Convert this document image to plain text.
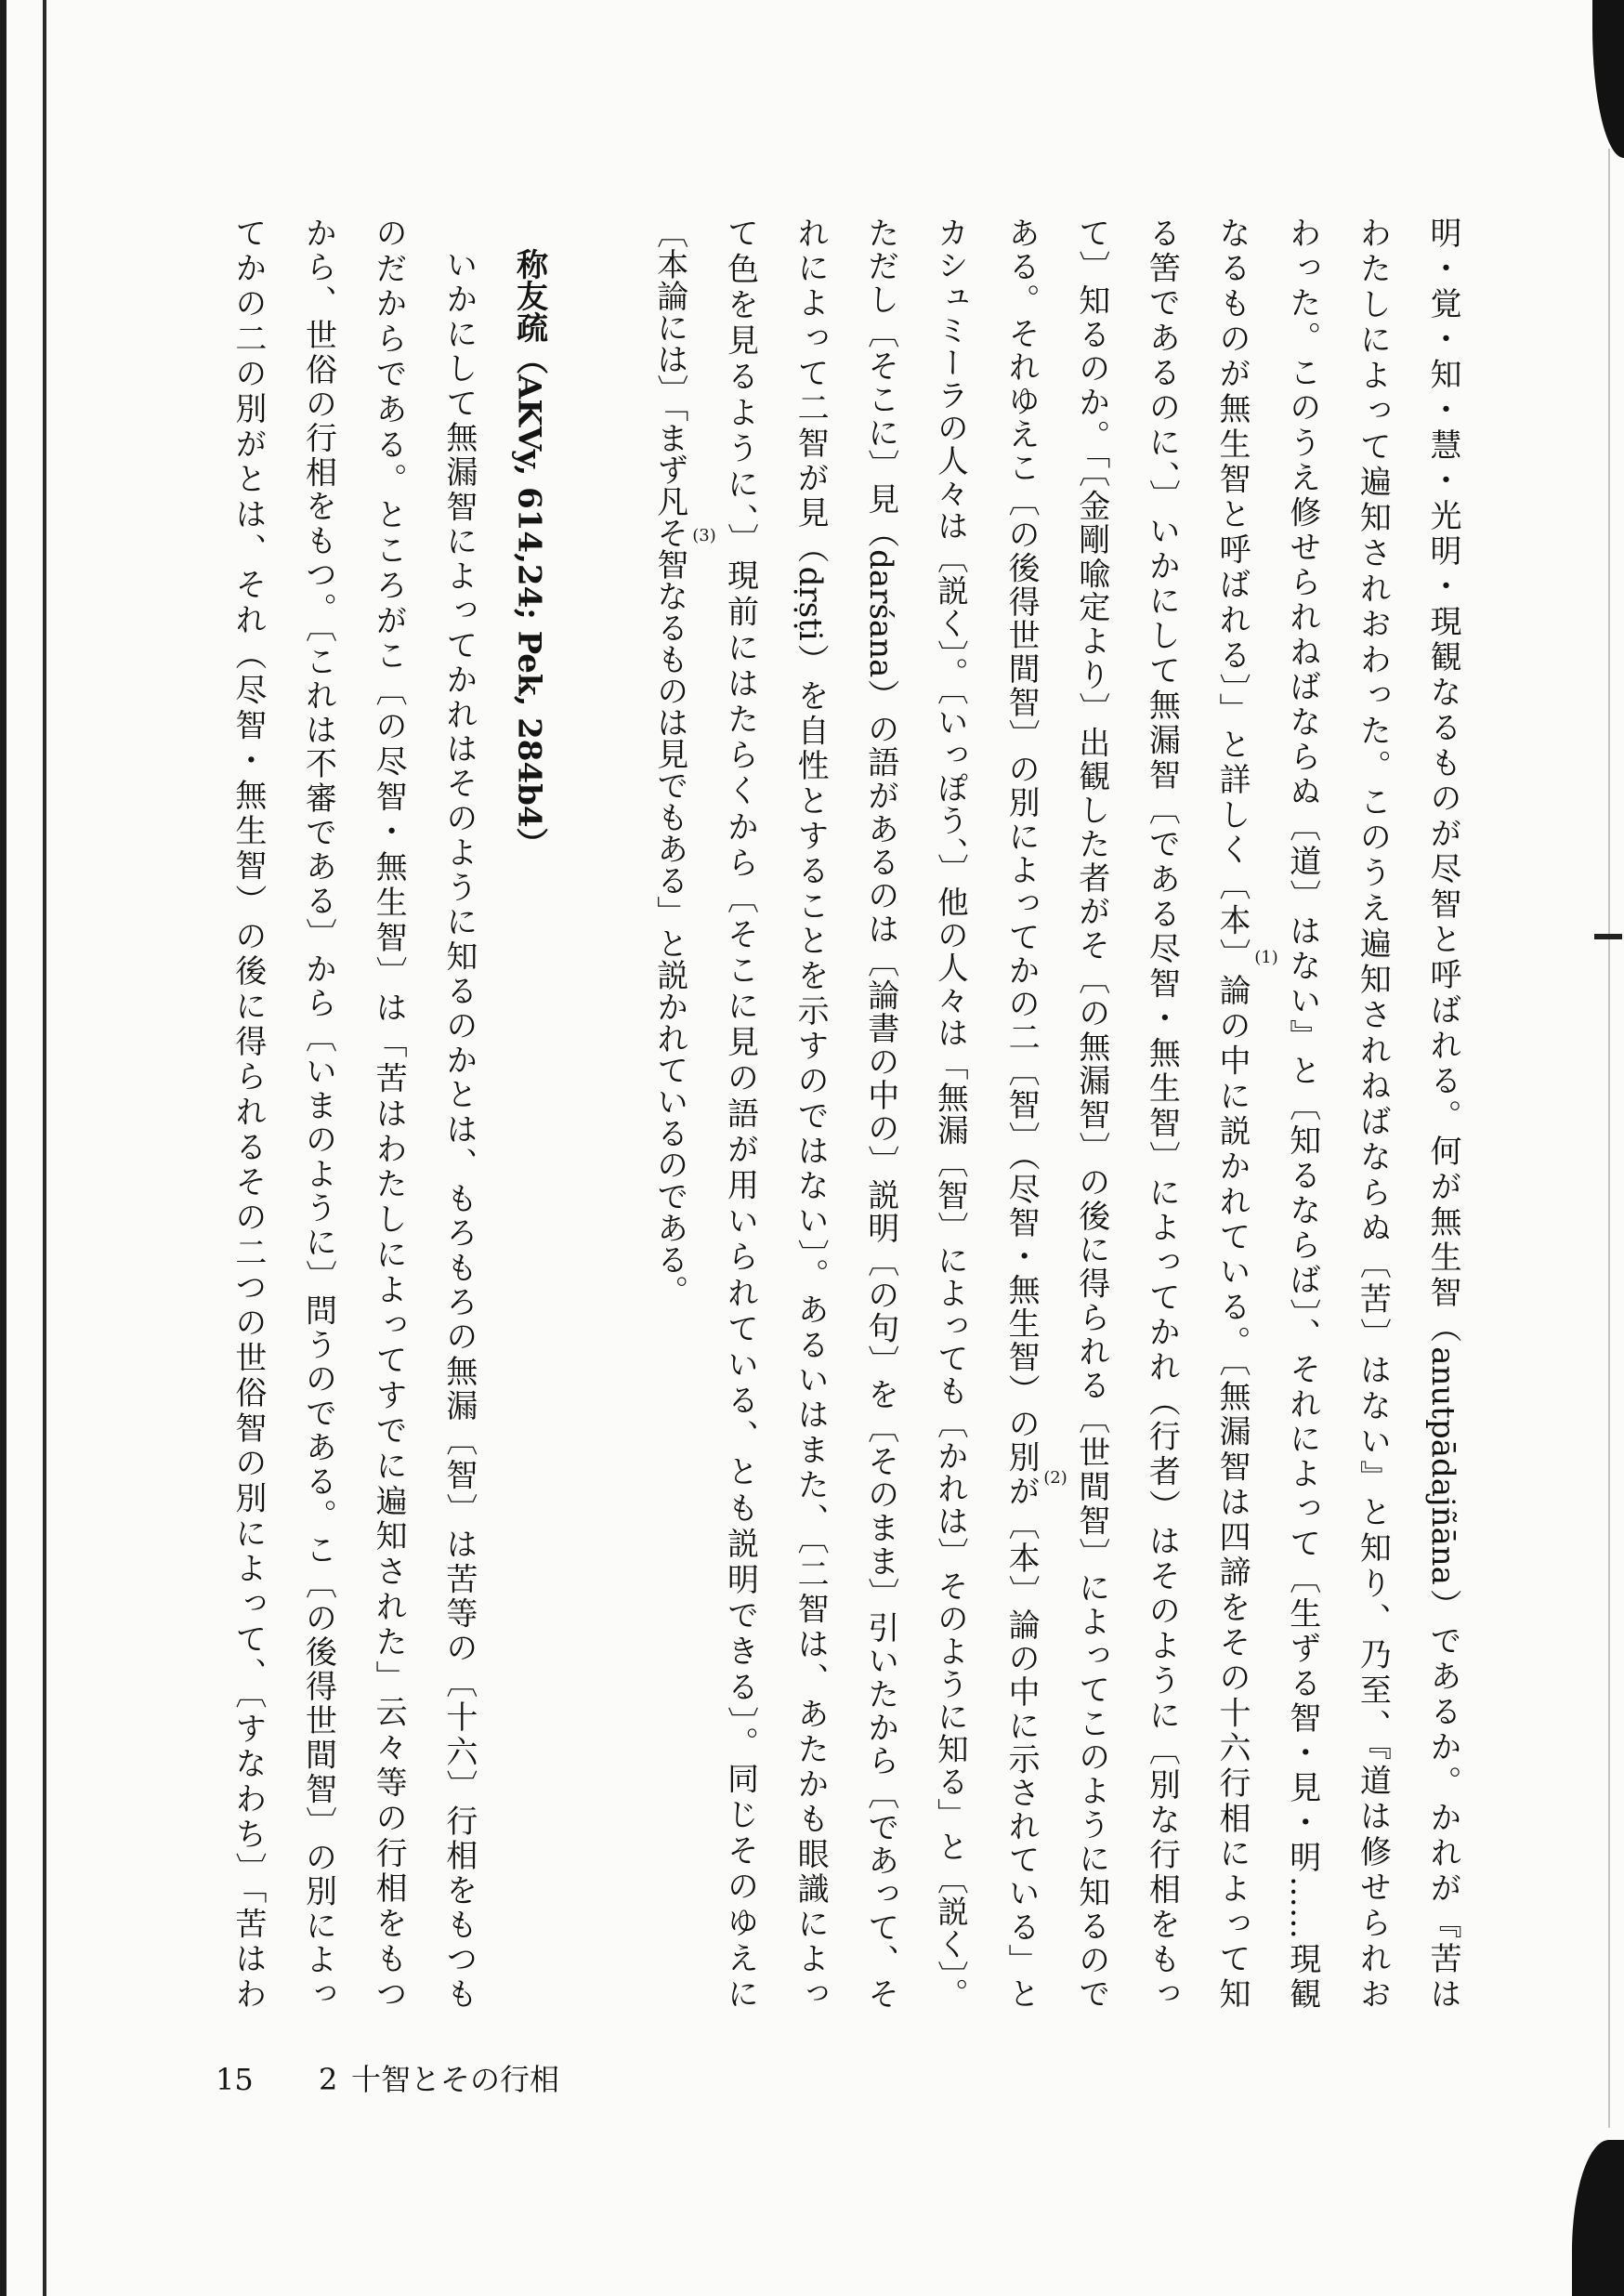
明・覚・知・慧・光明・現観なるものが尽智と呼ばれる。何が無生智（anutpādajñāna）であるか。かれが『苦は
わたしによって遍知されおわった。このうえ遍知されねばならぬ〔苦〕はない』と知り、乃至、『道は修せられお
わった。このうえ修せられねばならぬ〔道〕はない』と〔知るならば〕、それによって〔生ずる智・見・明……現観
なるものが無生智と呼ばれる〕」と詳しく〔本〕論の中に説かれている。〔無漏智は四諦をその十六行相によって知
る筈であるのに、〕いかにして無漏智〔である尽智・無生智〕によってかれ（行者）はそのように〔別な行相をもっ
て〕知るのか。「〔金剛喩定より〕出観した者がそ〔の無漏智〕の後に得られる〔世間智〕によってこのように知るので
ある。それゆえこ〔の後得世間智〕の別によってかの二〔智〕（尽智・無生智）の別が〔本〕論の中に示されている」と
カシュミーラの人々は〔説く〕。〔いっぽう、〕他の人々は「無漏〔智〕によっても〔かれは〕そのように知る」と〔説く〕。
ただし〔そこに〕見（darśana）の語があるのは〔論書の中の〕説明〔の句〕を〔そのまま〕引いたから〔であって、そ
れによって二智が見（dṛṣṭi）を自性とすることを示すのではない〕。あるいはまた、〔二智は、あたかも眼識によっ
て色を見るように、〕現前にはたらくから〔そこに見の語が用いられている、とも説明できる〕。同じそのゆえに
〔本論には〕「まず凡そ智なるものは見でもある」と説かれているのである。
称友疏（AKVy, 614,24; Pek, 284b4）
いかにして無漏智によってかれはそのように知るのかとは、もろもろの無漏〔智〕は苦等の〔十六〕行相をもつも
のだからである。ところがこ〔の尽智・無生智〕は「苦はわたしによってすでに遍知された」云々等の行相をもつ
から、世俗の行相をもつ。〔これは不審である〕から〔いまのように〕問うのである。こ〔の後得世間智〕の別によっ
てかの二の別がとは、それ（尽智・無生智）の後に得られるその二つの世俗智の別によって、〔すなわち〕「苦はわ	(1)
(2)
(3)
15 2 十智とその行相
